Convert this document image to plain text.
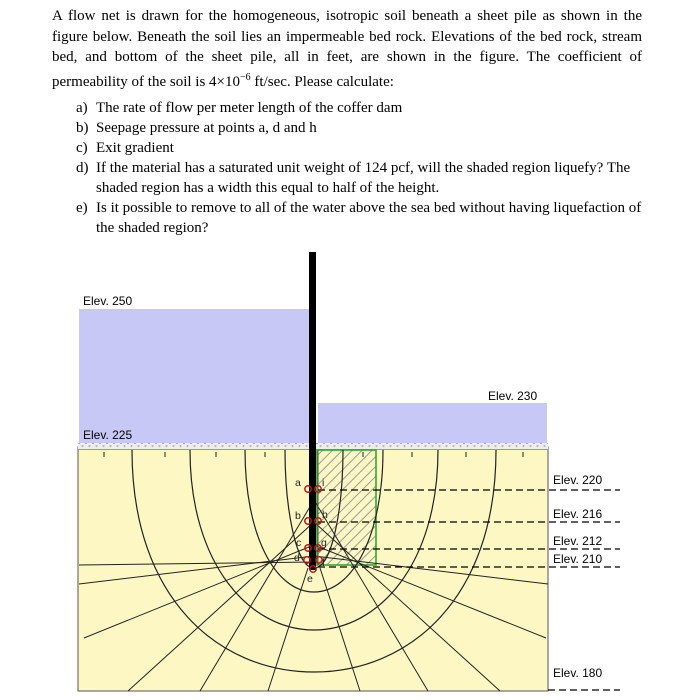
A flow net is drawn for the homogeneous, isotropic soil beneath a sheet pile as shown in the figure below. Beneath the soil lies an impermeable bed rock. Elevations of the bed rock, stream bed, and bottom of the sheet pile, all in feet, are shown in the figure. The coefficient of permeability of the soil is $4\times 10^{-6}$ ft/sec. Please calculate:

a) The rate of flow per meter length of the coffer dam
b) Seepage pressure at points a, d and h
c) Exit gradient
d) If the material has a saturated unit weight of 124 pcf, will the shaded region liquefy? The shaded region has a width this equal to half of the height.
e) Is it possible to remove to all of the water above the sea bed without having liquefaction of the shaded region?
a
b
c
d
e
f
g
h
i
Elev. 250
Elev. 230
Elev. 225
Elev. 220
Elev. 216
Elev. 212
Elev. 210
Elev. 180
